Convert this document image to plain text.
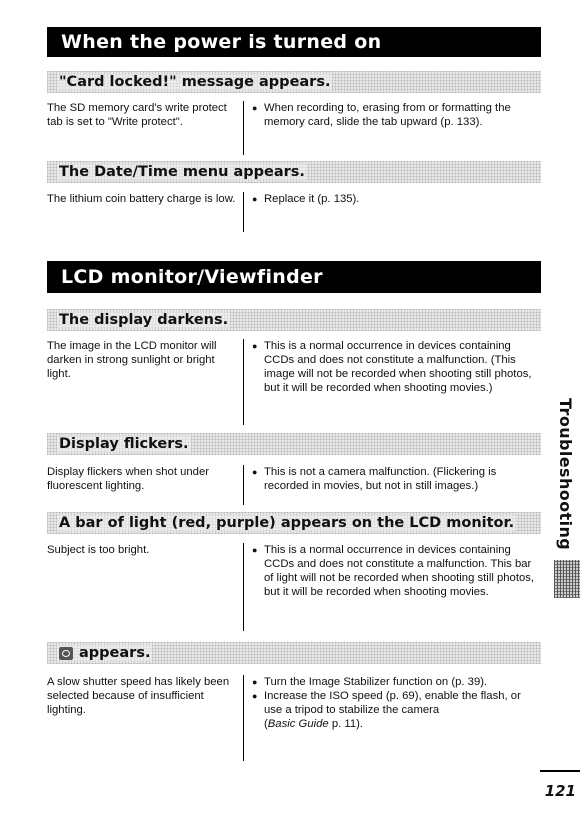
When the power is turned on
"Card locked!" message appears.
The SD memory card's write protect tab is set to "Write protect".
● When recording to, erasing from or formatting the memory card, slide the tab upward (p. 133).
The Date/Time menu appears.
The lithium coin battery charge is low.	● Replace it (p. 135).
LCD monitor/Viewfinder
The display darkens.
The image in the LCD monitor will darken in strong sunlight or bright light.
● This is a normal occurrence in devices containing CCDs and does not constitute a malfunction. (This image will not be recorded when shooting still photos, but it will be recorded when shooting movies.)
Display flickers.
Display flickers when shot under fluorescent lighting.
● This is not a camera malfunction. (Flickering is recorded in movies, but not in still images.)
A bar of light (red, purple) appears on the LCD monitor.
Subject is too bright.	● This is a normal occurrence in devices containing CCDs and does not constitute a malfunction. This bar of light will not be recorded when shooting still photos, but it will be recorded when shooting movies.
appears.
A slow shutter speed has likely been selected because of insufficient lighting.
● Turn the Image Stabilizer function on (p. 39).
● Increase the ISO speed (p. 69), enable the flash, or use a tripod to stabilize the camera
(Basic Guide p. 11).
Troubleshooting
121
